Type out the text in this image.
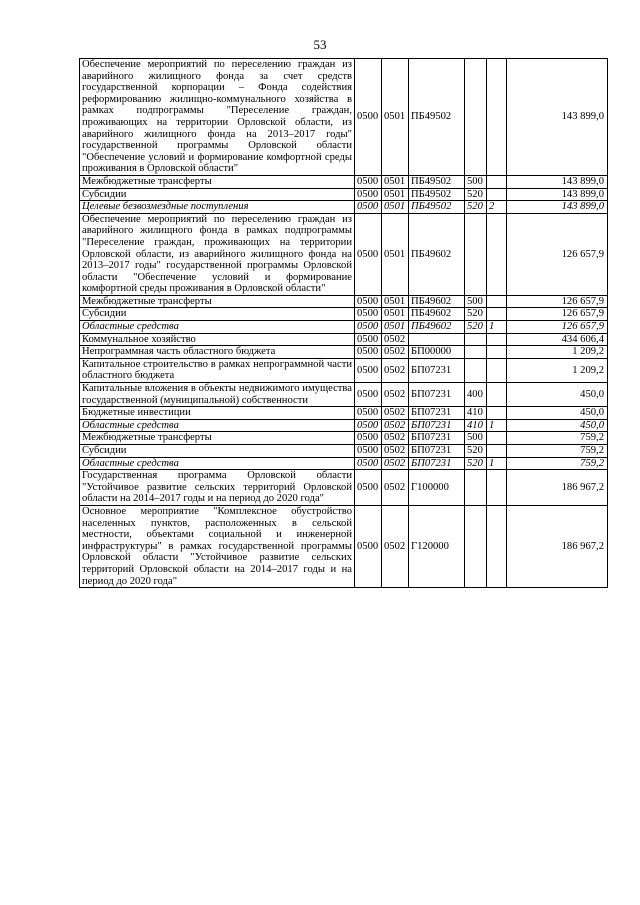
53
Обеспечение мероприятий по переселению граждан из аварийного жилищного фонда за счет средств государственной корпорации – Фонда содействия реформированию жилищно-коммунального хозяйства в рамках подпрограммы "Переселение граждан, проживающих на территории Орловской области, из аварийного жилищного фонда на 2013–2017 годы" государственной программы Орловской области "Обеспечение условий и формирование комфортной среды проживания в Орловской области"	0500	0501	ПБ49502			143 899,0
Межбюджетные трансферты	0500	0501	ПБ49502	500		143 899,0
Субсидии	0500	0501	ПБ49502	520		143 899,0
Целевые безвозмездные поступления	0500	0501	ПБ49502	520	2	143 899,0
Обеспечение мероприятий по переселению граждан из аварийного жилищного фонда в рамках подпрограммы "Переселение граждан, проживающих на территории Орловской области, из аварийного жилищного фонда на 2013–2017 годы" государственной программы Орловской области "Обеспечение условий и формирование комфортной среды проживания в Орловской области"	0500	0501	ПБ49602			126 657,9
Межбюджетные трансферты	0500	0501	ПБ49602	500		126 657,9
Субсидии	0500	0501	ПБ49602	520		126 657,9
Областные средства	0500	0501	ПБ49602	520	1	126 657,9
Коммунальное хозяйство	0500	0502				434 606,4
Непрограммная часть областного бюджета	0500	0502	БП00000			1 209,2
Капитальное строительство в рамках непрограммной части областного бюджета	0500	0502	БП07231			1 209,2
Капитальные вложения в объекты недвижимого имущества государственной (муниципальной) собственности	0500	0502	БП07231	400		450,0
Бюджетные инвестиции	0500	0502	БП07231	410		450,0
Областные средства	0500	0502	БП07231	410	1	450,0
Межбюджетные трансферты	0500	0502	БП07231	500		759,2
Субсидии	0500	0502	БП07231	520		759,2
Областные средства	0500	0502	БП07231	520	1	759,2
Государственная программа Орловской области "Устойчивое развитие сельских территорий Орловской области на 2014–2017 годы и на период до 2020 года"	0500	0502	Г100000			186 967,2
Основное мероприятие "Комплексное обустройство населенных пунктов, расположенных в сельской местности, объектами социальной и инженерной инфраструктуры" в рамках государственной программы Орловской области "Устойчивое развитие сельских территорий Орловской области на 2014–2017 годы и на период до 2020 года"	0500	0502	Г120000			186 967,2
